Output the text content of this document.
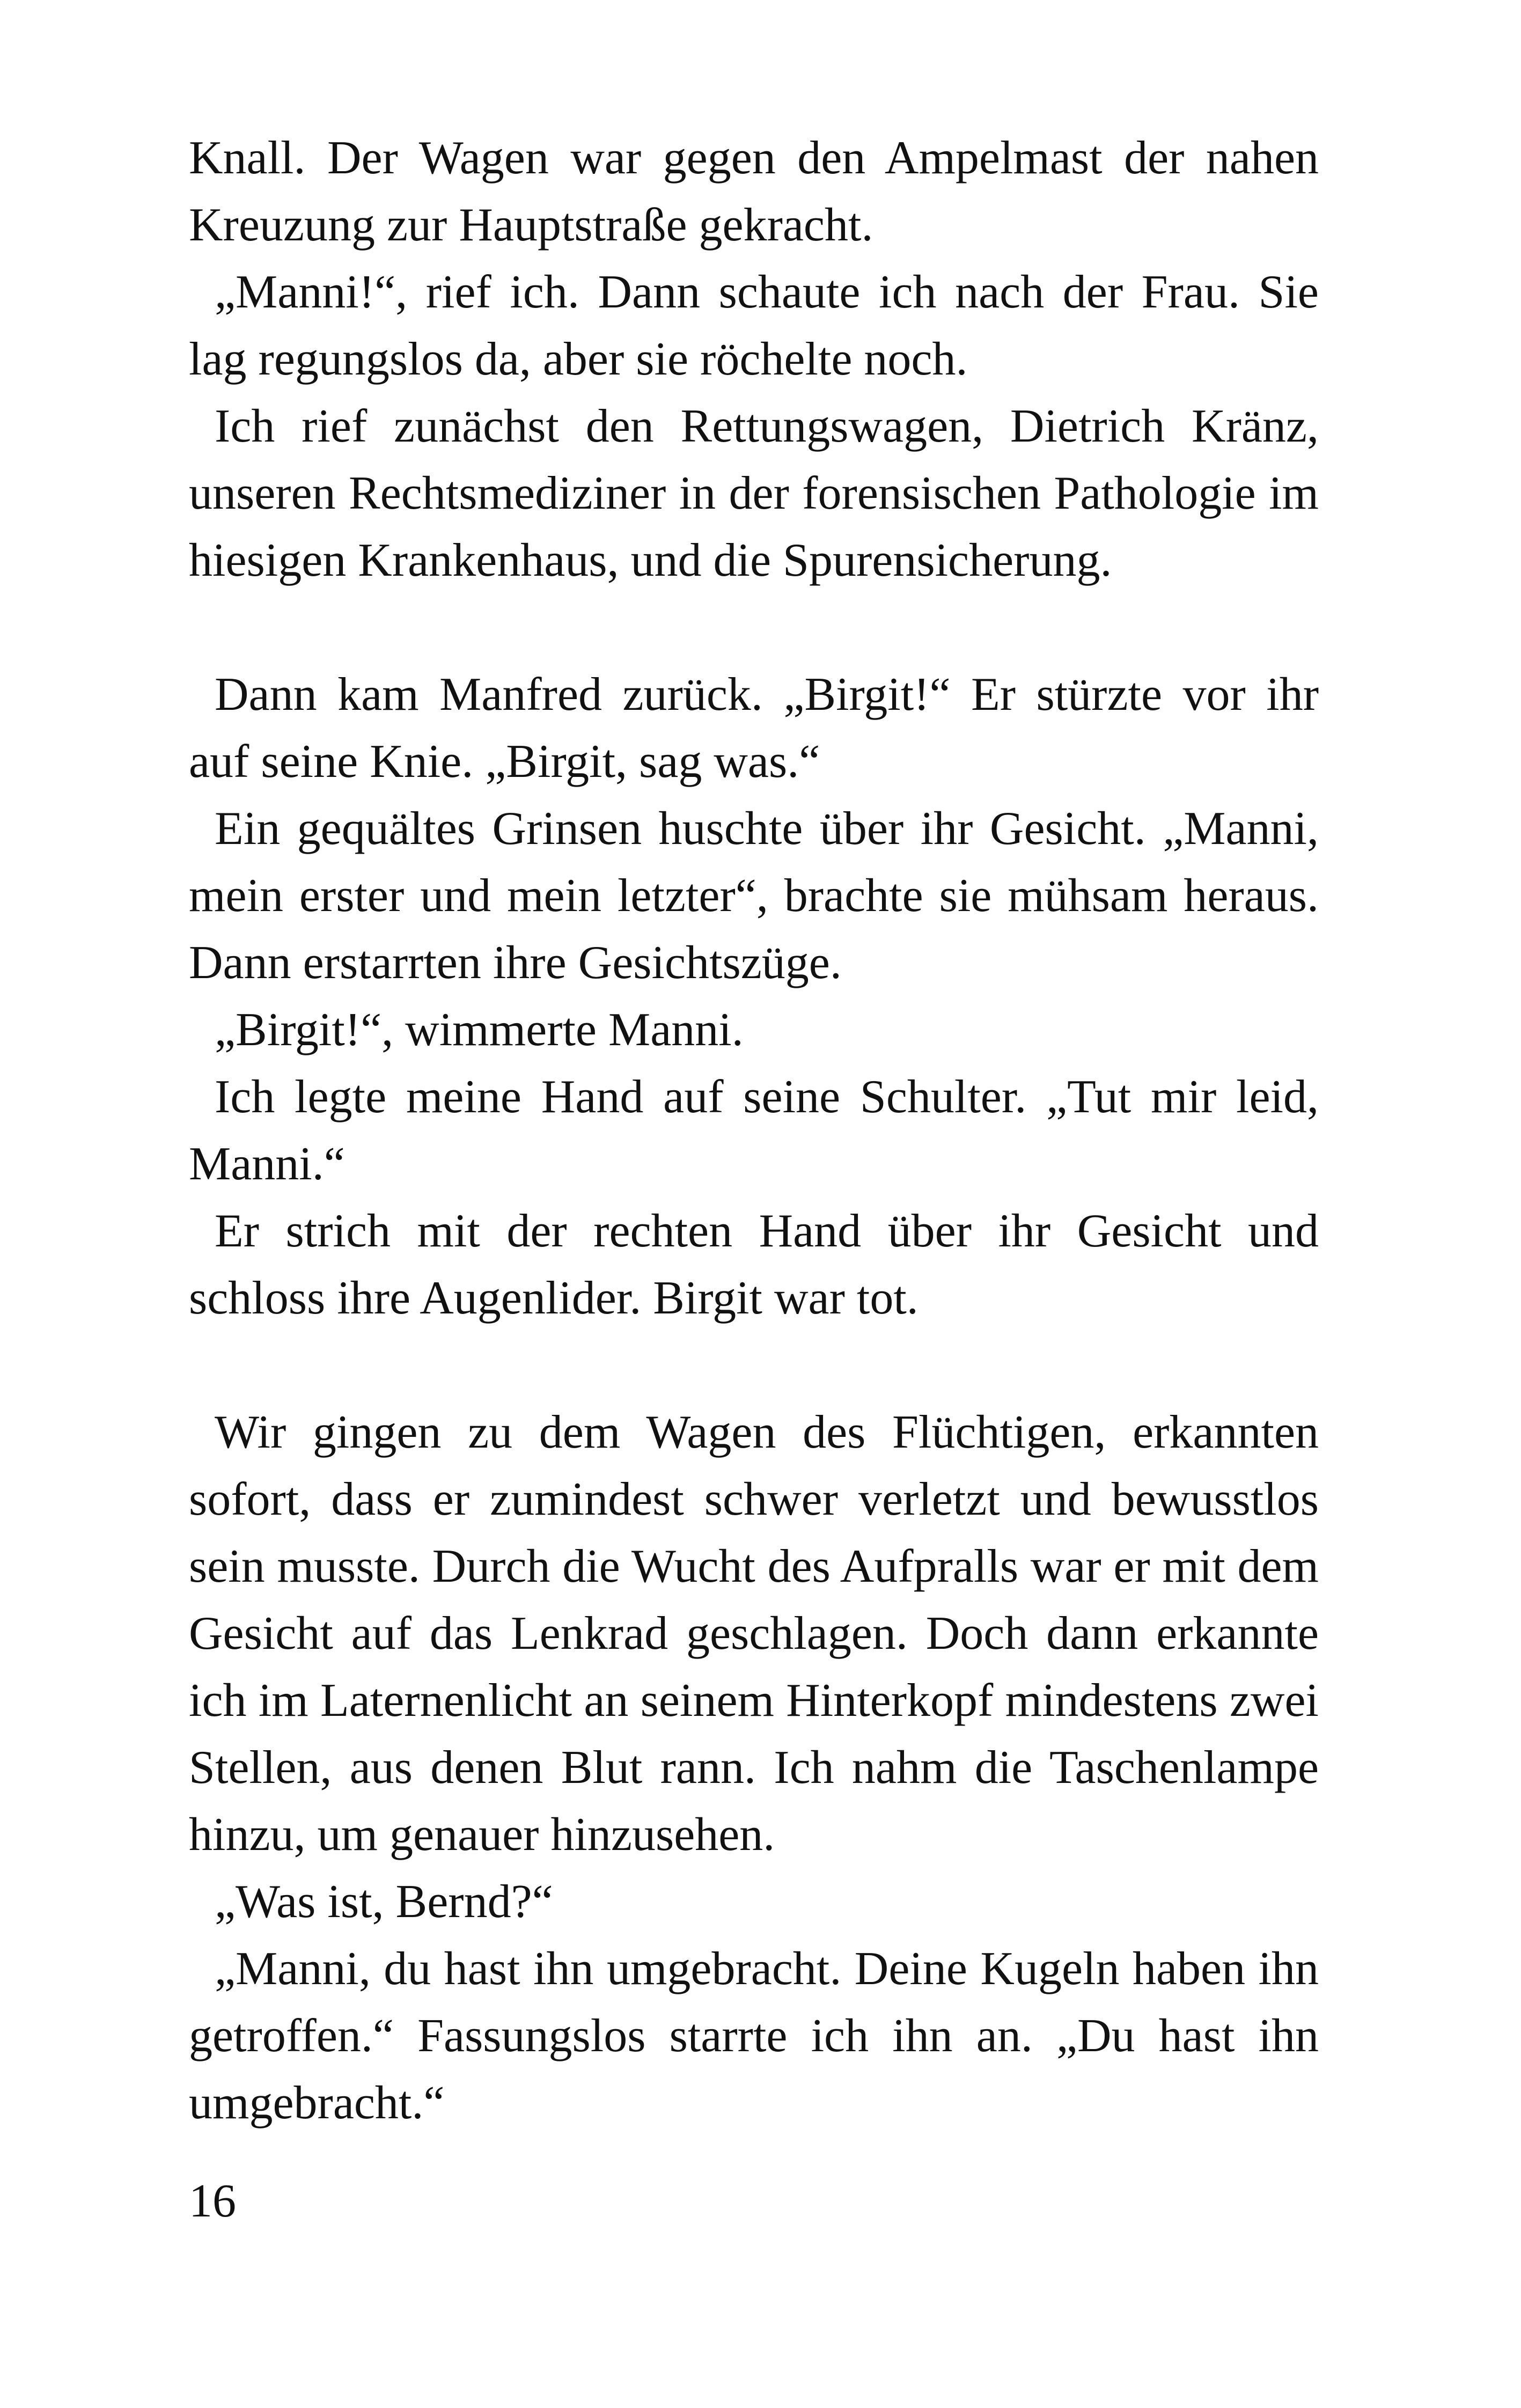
Knall. Der Wagen war gegen den Ampelmast der nahen Kreuzung zur Hauptstraße gekracht.

„Manni!“, rief ich. Dann schaute ich nach der Frau. Sie lag regungslos da, aber sie röchelte noch.

Ich rief zunächst den Rettungswagen, Dietrich Kränz, unseren Rechtsmediziner in der forensischen Pathologie im hiesigen Krankenhaus, und die Spurensicherung.

Dann kam Manfred zurück. „Birgit!“ Er stürzte vor ihr auf seine Knie. „Birgit, sag was.“

Ein gequältes Grinsen huschte über ihr Gesicht. „Manni, mein erster und mein letzter“, brachte sie mühsam heraus. Dann erstarrten ihre Gesichtszüge.

„Birgit!“, wimmerte Manni.

Ich legte meine Hand auf seine Schulter. „Tut mir leid, Manni.“

Er strich mit der rechten Hand über ihr Gesicht und schloss ihre Augenlider. Birgit war tot.

Wir gingen zu dem Wagen des Flüchtigen, erkannten sofort, dass er zumindest schwer verletzt und bewusstlos sein musste. Durch die Wucht des Aufpralls war er mit dem Gesicht auf das Lenkrad geschlagen. Doch dann erkannte ich im Laternenlicht an seinem Hinterkopf mindestens zwei Stellen, aus denen Blut rann. Ich nahm die Taschenlampe hinzu, um genauer hinzusehen.

„Was ist, Bernd?“

„Manni, du hast ihn umgebracht. Deine Kugeln haben ihn getroffen.“ Fassungslos starrte ich ihn an. „Du hast ihn umgebracht.“

16
